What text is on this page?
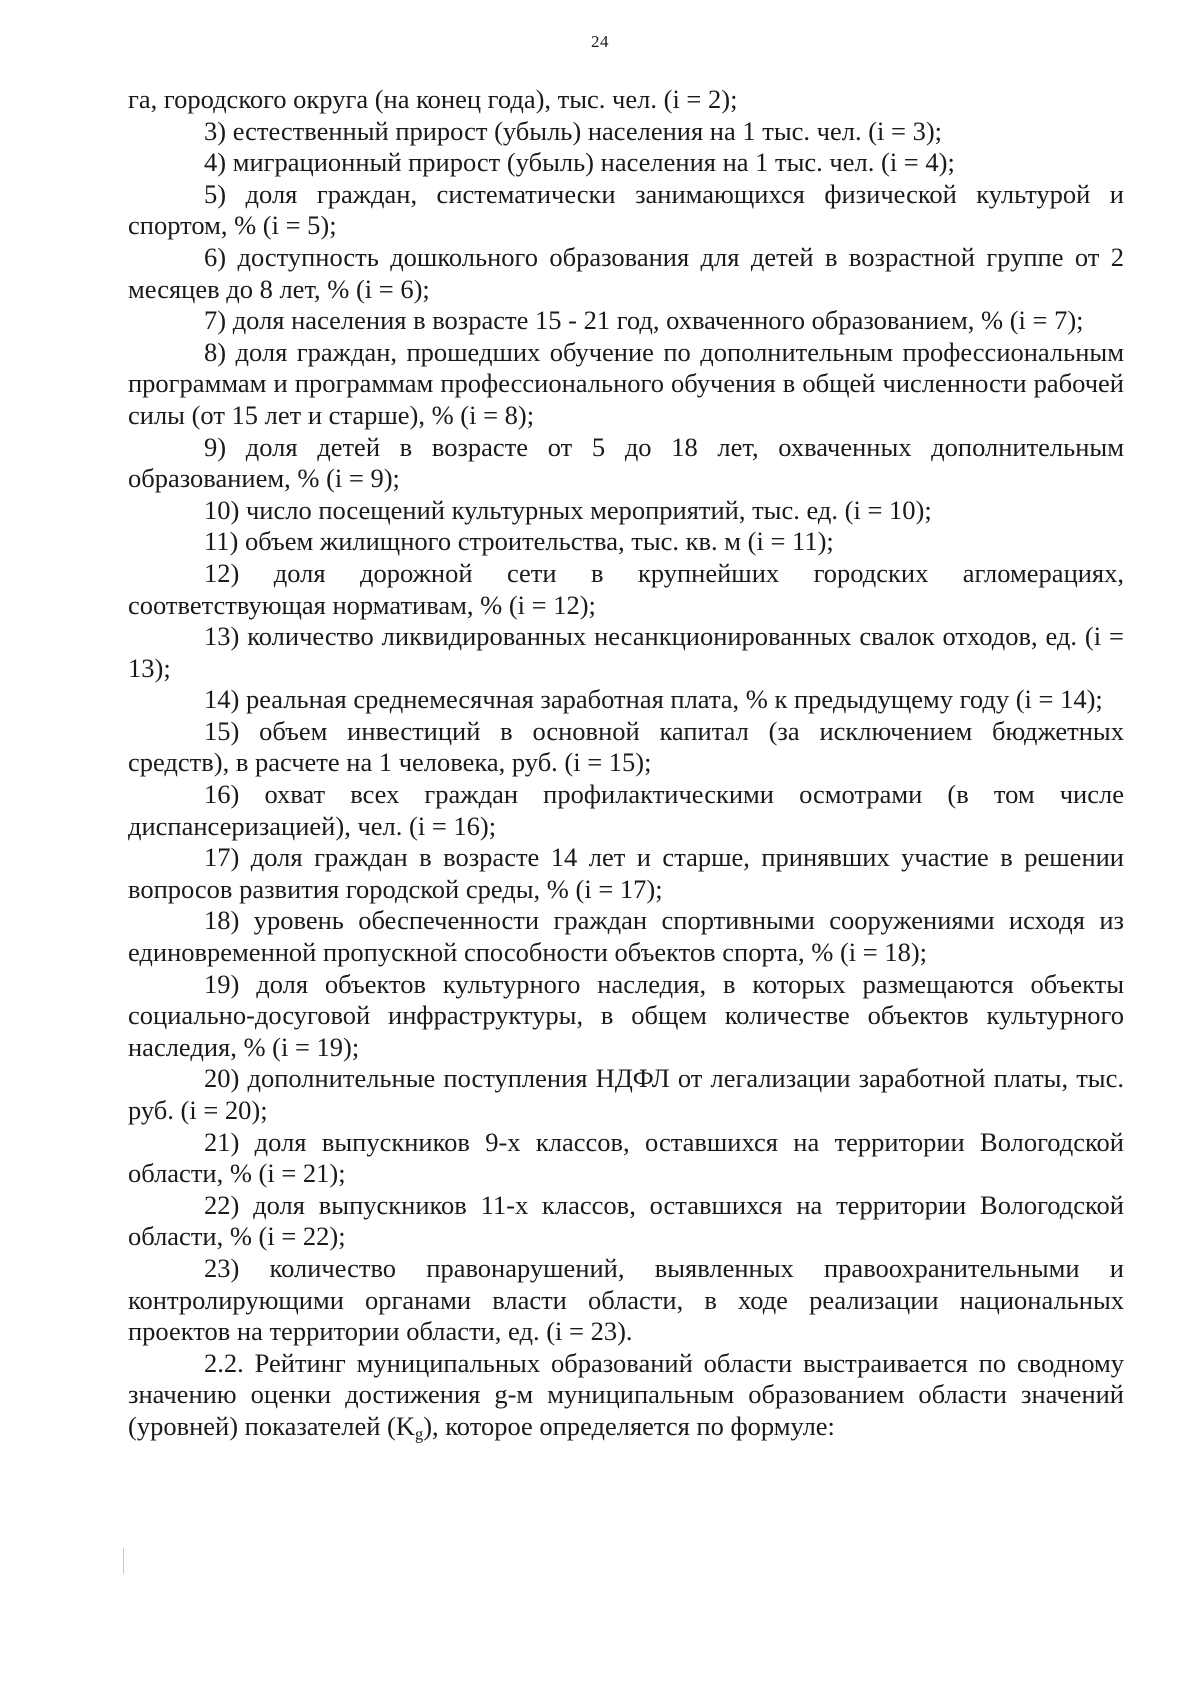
24

га, городского округа (на конец года), тыс. чел. (i = 2);

3) естественный прирост (убыль) населения на 1 тыс. чел. (i = 3);

4) миграционный прирост (убыль) населения на 1 тыс. чел. (i = 4);

5) доля граждан, систематически занимающихся физической культурой и спортом, % (i = 5);

6) доступность дошкольного образования для детей в возрастной группе от 2 месяцев до 8 лет, % (i = 6);

7) доля населения в возрасте 15 - 21 год, охваченного образованием, % (i = 7);

8) доля граждан, прошедших обучение по дополнительным профессиональным программам и программам профессионального обучения в общей численности рабочей силы (от 15 лет и старше), % (i = 8);

9) доля детей в возрасте от 5 до 18 лет, охваченных дополнительным образованием, % (i = 9);

10) число посещений культурных мероприятий, тыс. ед. (i = 10);

11) объем жилищного строительства, тыс. кв. м (i = 11);

12) доля дорожной сети в крупнейших городских агломерациях, соответствующая нормативам, % (i = 12);

13) количество ликвидированных несанкционированных свалок отходов, ед. (i = 13);

14) реальная среднемесячная заработная плата, % к предыдущему году (i = 14);

15) объем инвестиций в основной капитал (за исключением бюджетных средств), в расчете на 1 человека, руб. (i = 15);

16) охват всех граждан профилактическими осмотрами (в том числе диспансеризацией), чел. (i = 16);

17) доля граждан в возрасте 14 лет и старше, принявших участие в решении вопросов развития городской среды, % (i = 17);

18) уровень обеспеченности граждан спортивными сооружениями исходя из единовременной пропускной способности объектов спорта, % (i = 18);

19) доля объектов культурного наследия, в которых размещаются объекты социально-досуговой инфраструктуры, в общем количестве объектов культурного наследия, % (i = 19);

20) дополнительные поступления НДФЛ от легализации заработной платы, тыс. руб. (i = 20);

21) доля выпускников 9-х классов, оставшихся на территории Вологодской области, % (i = 21);

22) доля выпускников 11-х классов, оставшихся на территории Вологодской области, % (i = 22);

23) количество правонарушений, выявленных правоохранительными и контролирующими органами власти области, в ходе реализации национальных проектов на территории области, ед. (i = 23).

2.2. Рейтинг муниципальных образований области выстраивается по сводному значению оценки достижения g-м муниципальным образованием области значений (уровней) показателей $(K_g)$, которое определяется по формуле:
